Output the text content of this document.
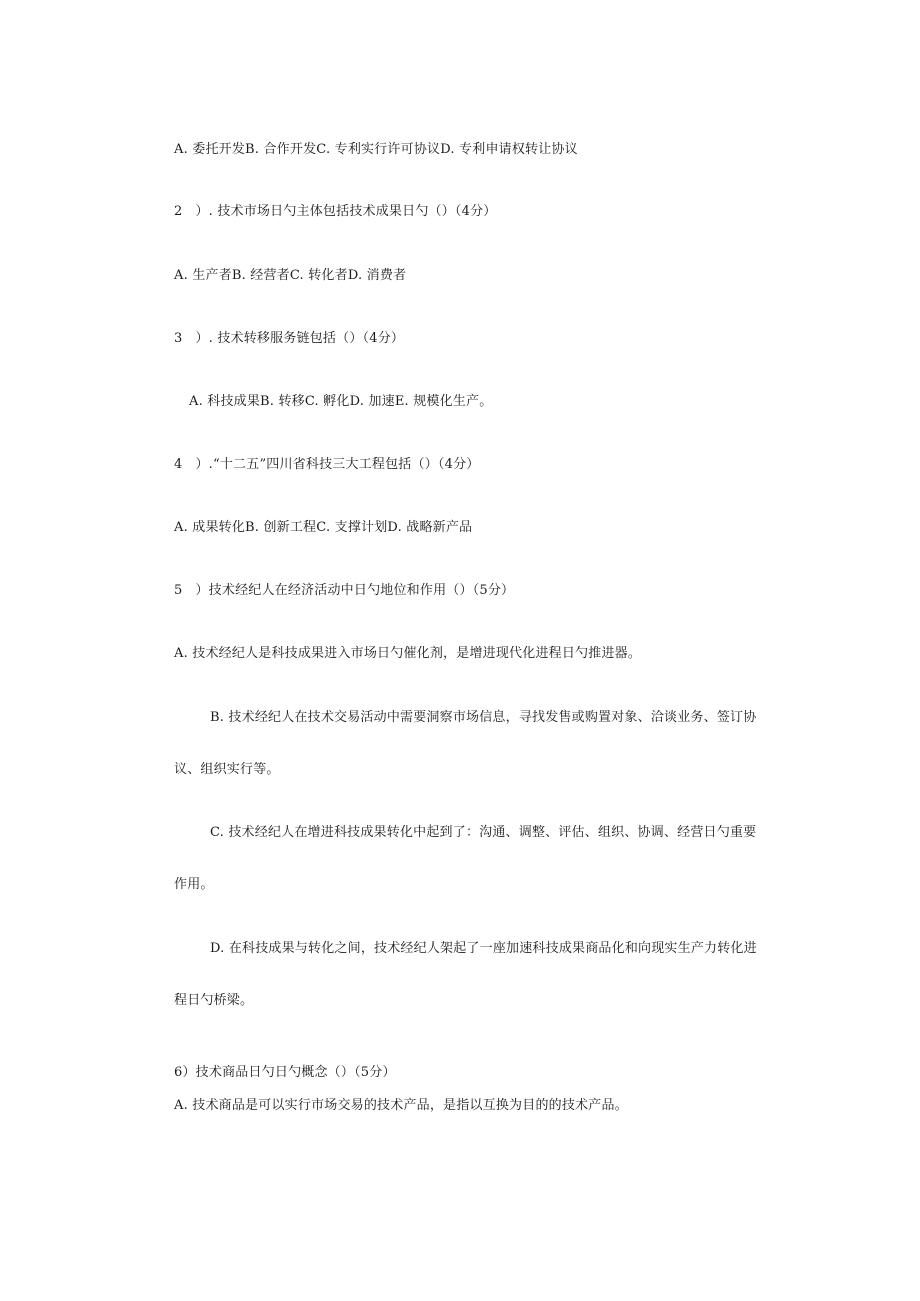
A. 委托开发B. 合作开发C. 专利实行许可协议D. 专利申请权转让协议
2   ）. 技术市场日勺主体包括技术成果日勺（）（4分）
A. 生产者B. 经营者C. 转化者D. 消费者
3   ）. 技术转移服务链包括（）（4分）
A. 科技成果B. 转移C. 孵化D. 加速E. 规模化生产。
4   ）.“十二五”四川省科技三大工程包括（）（4分）
A. 成果转化B. 创新工程C. 支撑计划D. 战略新产品
5   ）技术经纪人在经济活动中日勺地位和作用（）（5分）
A. 技术经纪人是科技成果进入市场日勺催化剂，是增进现代化进程日勺推进器。
B. 技术经纪人在技术交易活动中需要洞察市场信息，寻找发售或购置对象、洽谈业务、签订协
议、组织实行等。
C. 技术经纪人在增进科技成果转化中起到了：沟通、调整、评估、组织、协调、经营日勺重要
作用。
D. 在科技成果与转化之间，技术经纪人架起了一座加速科技成果商品化和向现实生产力转化进
程日勺桥梁。
6）技术商品日勺日勺概念（）（5分）
A. 技术商品是可以实行市场交易的技术产品，是指以互换为目的的技术产品。
